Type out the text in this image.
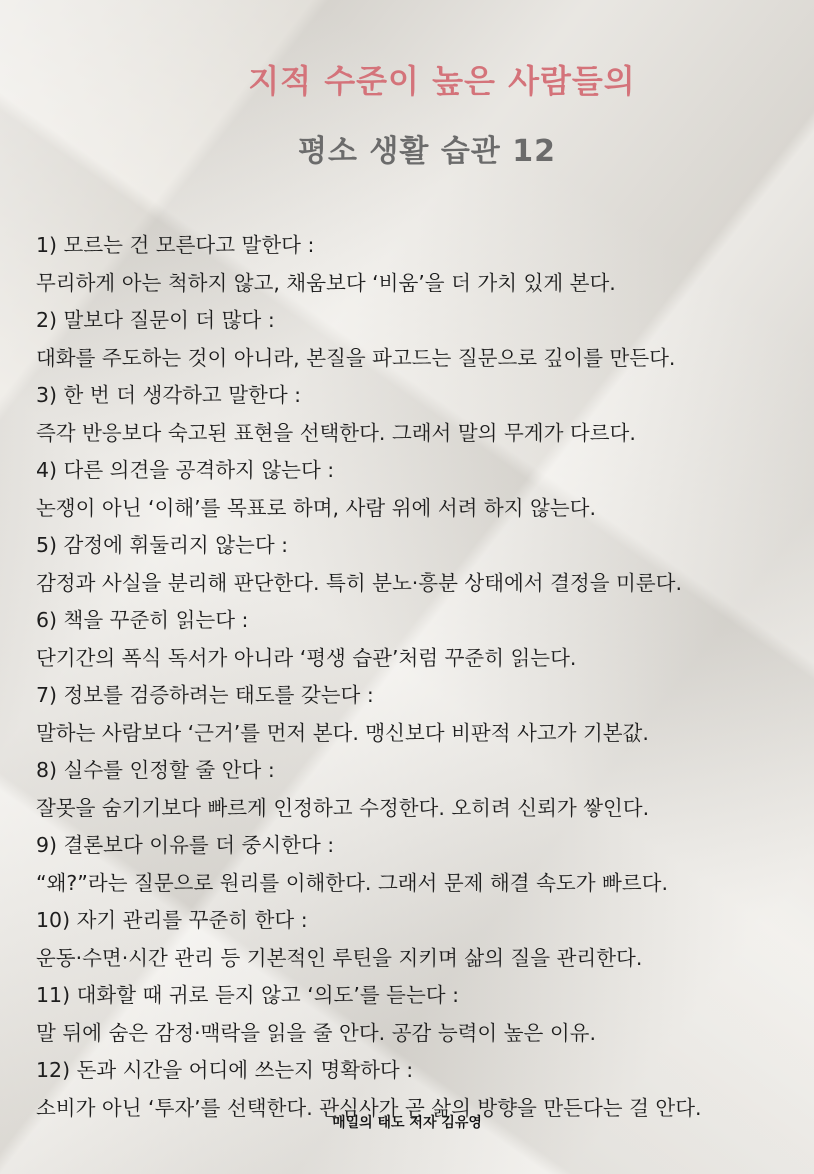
지적 수준이 높은 사람들의
평소 생활 습관 12
1) 모르는 건 모른다고 말한다 :
무리하게 아는 척하지 않고, 채움보다 ‘비움’을 더 가치 있게 본다.
2) 말보다 질문이 더 많다 :
대화를 주도하는 것이 아니라, 본질을 파고드는 질문으로 깊이를 만든다.
3) 한 번 더 생각하고 말한다 :
즉각 반응보다 숙고된 표현을 선택한다. 그래서 말의 무게가 다르다.
4) 다른 의견을 공격하지 않는다 :
논쟁이 아닌 ‘이해’를 목표로 하며, 사람 위에 서려 하지 않는다.
5) 감정에 휘둘리지 않는다 :
감정과 사실을 분리해 판단한다. 특히 분노·흥분 상태에서 결정을 미룬다.
6) 책을 꾸준히 읽는다 :
단기간의 폭식 독서가 아니라 ‘평생 습관’처럼 꾸준히 읽는다.
7) 정보를 검증하려는 태도를 갖는다 :
말하는 사람보다 ‘근거’를 먼저 본다. 맹신보다 비판적 사고가 기본값.
8) 실수를 인정할 줄 안다 :
잘못을 숨기기보다 빠르게 인정하고 수정한다. 오히려 신뢰가 쌓인다.
9) 결론보다 이유를 더 중시한다 :
“왜?”라는 질문으로 원리를 이해한다. 그래서 문제 해결 속도가 빠르다.
10) 자기 관리를 꾸준히 한다 :
운동·수면·시간 관리 등 기본적인 루틴을 지키며 삶의 질을 관리한다.
11) 대화할 때 귀로 듣지 않고 ‘의도’를 듣는다 :
말 뒤에 숨은 감정·맥락을 읽을 줄 안다. 공감 능력이 높은 이유.
12) 돈과 시간을 어디에 쓰는지 명확하다 :
소비가 아닌 ‘투자’를 선택한다. 관심사가 곧 삶의 방향을 만든다는 걸 안다.
매일의 태도 저자 김유영
